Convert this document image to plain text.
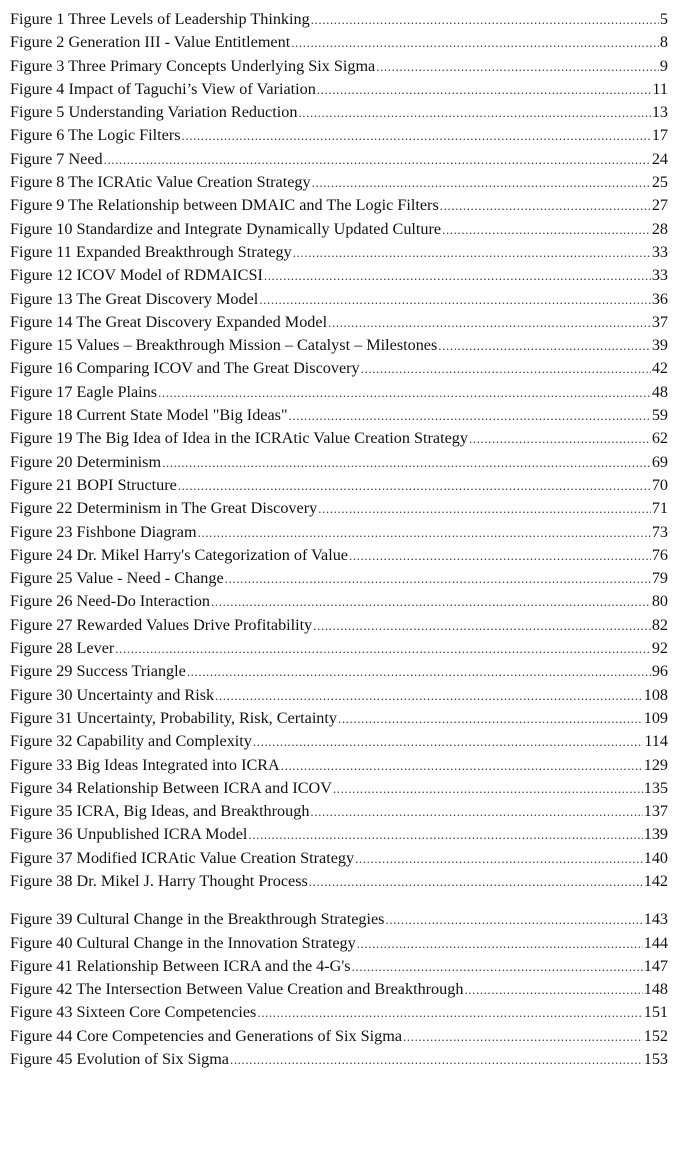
Figure 1 Three Levels of Leadership Thinking .....	5
Figure 2 Generation III - Value Entitlement .....	8
Figure 3 Three Primary Concepts Underlying Six Sigma .....	9
Figure 4 Impact of Taguchi’s View of Variation .....	11
Figure 5 Understanding Variation Reduction .....	13
Figure 6 The Logic Filters .....	17
Figure 7 Need .....	24
Figure 8 The ICRAtic Value Creation Strategy .....	25
Figure 9 The Relationship between DMAIC and The Logic Filters .....	27
Figure 10 Standardize and Integrate Dynamically Updated Culture .....	28
Figure 11 Expanded Breakthrough Strategy .....	33
Figure 12 ICOV Model of RDMAICSI .....	33
Figure 13 The Great Discovery Model .....	36
Figure 14 The Great Discovery Expanded Model .....	37
Figure 15 Values – Breakthrough Mission – Catalyst – Milestones .....	39
Figure 16 Comparing ICOV and The Great Discovery .....	42
Figure 17 Eagle Plains .....	48
Figure 18 Current State Model "Big Ideas" .....	59
Figure 19 The Big Idea of Idea in the ICRAtic Value Creation Strategy .....	62
Figure 20 Determinism .....	69
Figure 21 BOPI Structure .....	70
Figure 22 Determinism in The Great Discovery .....	71
Figure 23 Fishbone Diagram .....	73
Figure 24 Dr. Mikel Harry's Categorization of Value .....	76
Figure 25 Value - Need - Change .....	79
Figure 26 Need-Do Interaction .....	80
Figure 27 Rewarded Values Drive Profitability .....	82
Figure 28 Lever .....	92
Figure 29 Success Triangle .....	96
Figure 30 Uncertainty and Risk .....	108
Figure 31 Uncertainty, Probability, Risk, Certainty .....	109
Figure 32 Capability and Complexity .....	114
Figure 33 Big Ideas Integrated into ICRA .....	129
Figure 34 Relationship Between ICRA and ICOV .....	135
Figure 35 ICRA, Big Ideas, and Breakthrough .....	137
Figure 36 Unpublished ICRA Model .....	139
Figure 37 Modified ICRAtic Value Creation Strategy .....	140
Figure 38 Dr. Mikel J. Harry Thought Process .....	142
Figure 39 Cultural Change in the Breakthrough Strategies .....	143
Figure 40 Cultural Change in the Innovation Strategy .....	144
Figure 41 Relationship Between ICRA and the 4-G's .....	147
Figure 42 The Intersection Between Value Creation and Breakthrough .....	148
Figure 43 Sixteen Core Competencies .....	151
Figure 44 Core Competencies and Generations of Six Sigma .....	152
Figure 45 Evolution of Six Sigma .....	153
